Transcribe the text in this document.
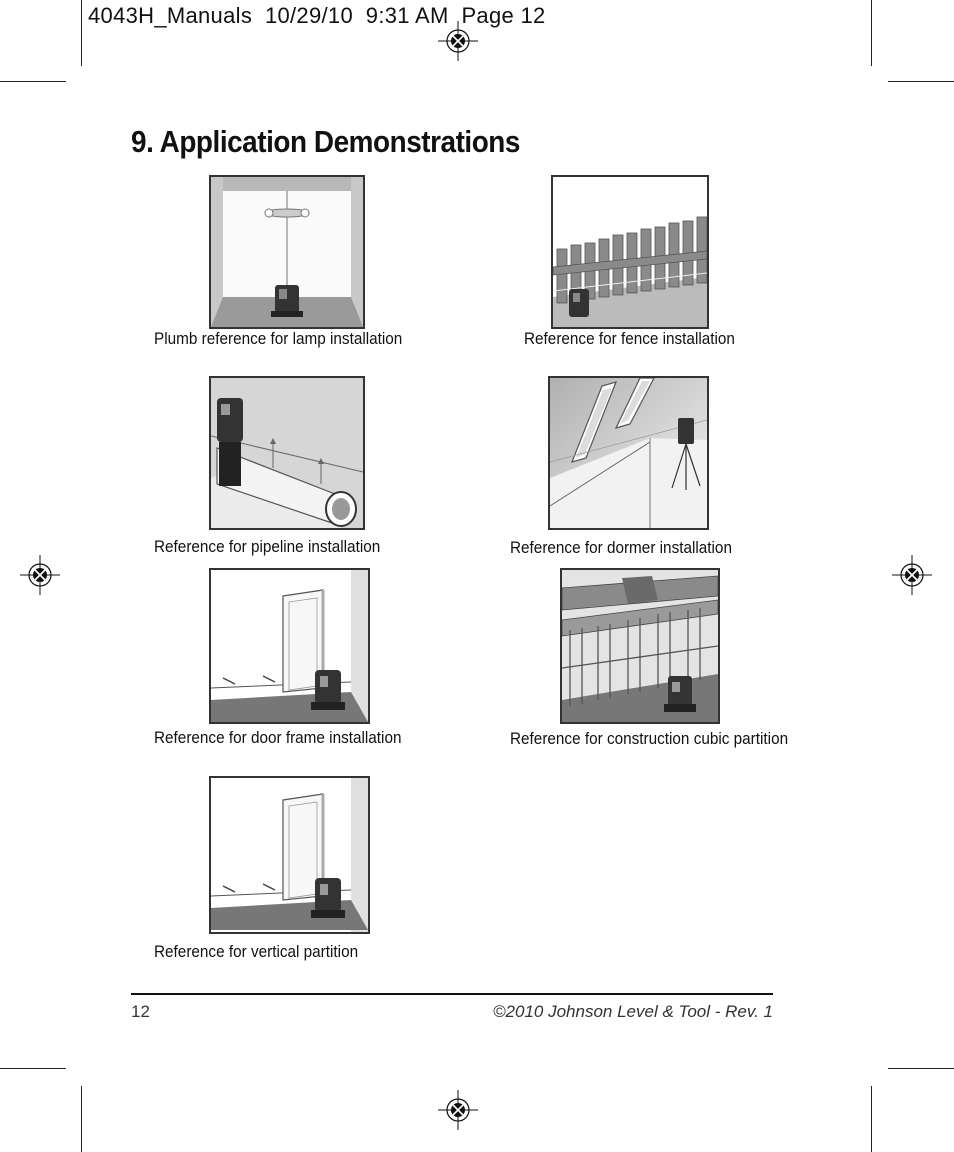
4043H_Manuals  10/29/10  9:31 AM  Page 12
9. Application Demonstrations
Plumb reference for lamp installation	Reference for fence installation
Reference for pipeline installation	Reference for dormer installation
Reference for door frame installation	Reference for construction cubic partition
Reference for vertical partition
12	©2010 Johnson Level & Tool - Rev. 1
